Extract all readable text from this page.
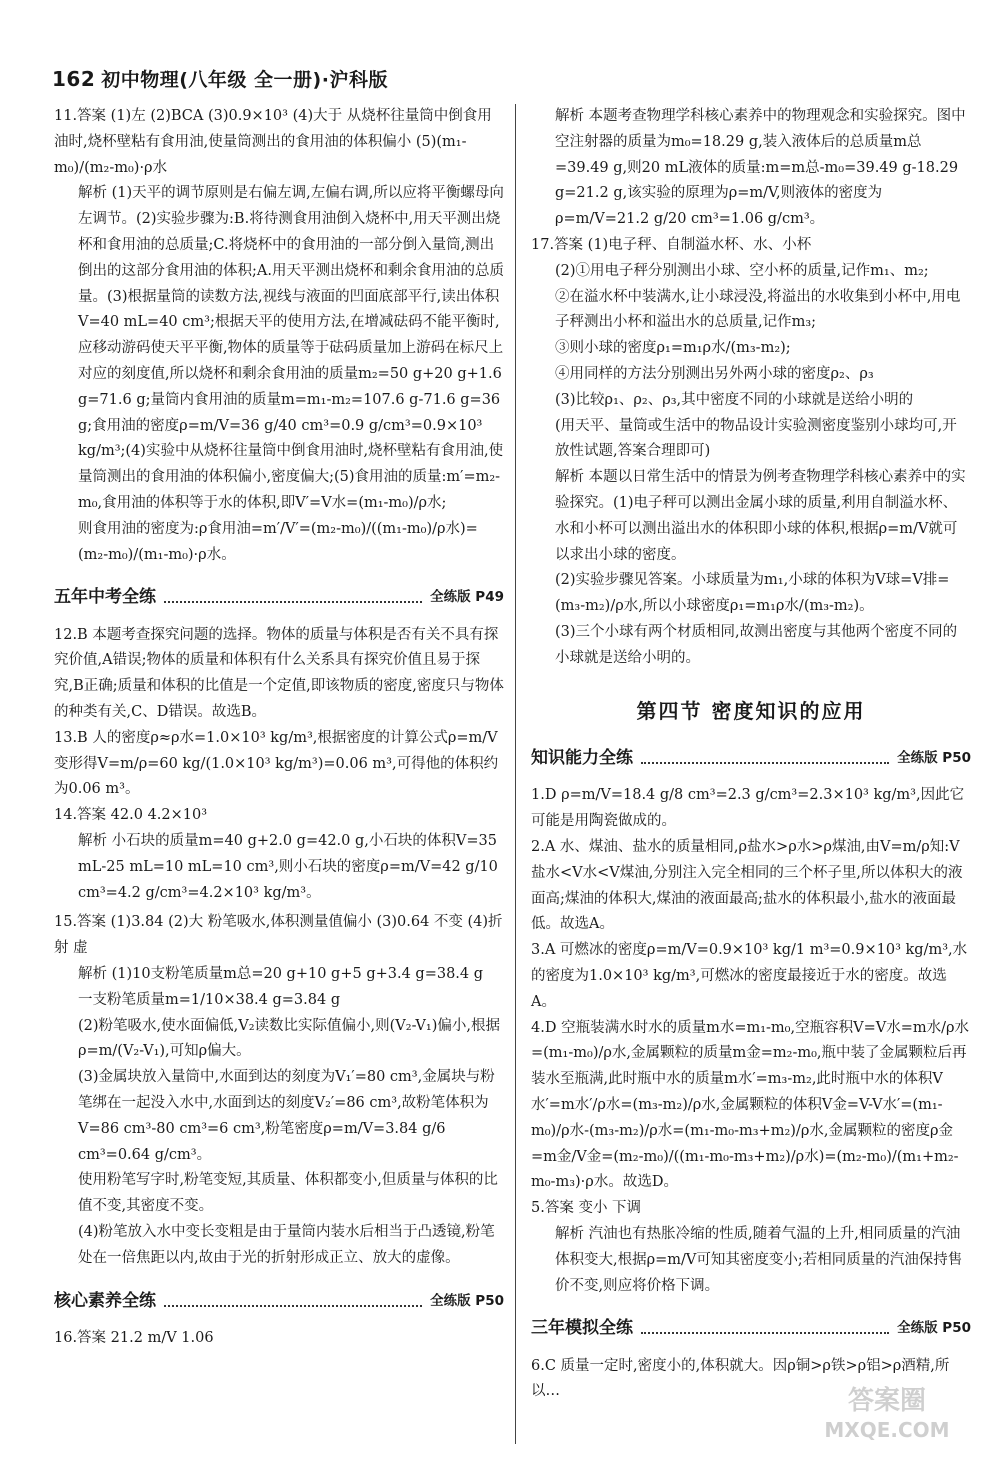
162 初中物理(八年级 全一册)·沪科版

11.答案 (1)左 (2)BCA (3)0.9×10³ (4)大于 从烧杯往量筒中倒食用油时,烧杯壁粘有食用油,使量筒测出的食用油的体积偏小 (5)(m₁-m₀)/(m₂-m₀)·ρ水

解析 (1)天平的调节原则是右偏左调,左偏右调,所以应将平衡螺母向左调节。(2)实验步骤为:B.将待测食用油倒入烧杯中,用天平测出烧杯和食用油的总质量;C.将烧杯中的食用油的一部分倒入量筒,测出倒出的这部分食用油的体积;A.用天平测出烧杯和剩余食用油的总质量。(3)根据量筒的读数方法,视线与液面的凹面底部平行,读出体积V=40 mL=40 cm³;根据天平的使用方法,在增减砝码不能平衡时,应移动游码使天平平衡,物体的质量等于砝码质量加上游码在标尺上对应的刻度值,所以烧杯和剩余食用油的质量m₂=50 g+20 g+1.6 g=71.6 g;量筒内食用油的质量m=m₁-m₂=107.6 g-71.6 g=36 g;食用油的密度ρ=m/V=36 g/40 cm³=0.9 g/cm³=0.9×10³ kg/m³;(4)实验中从烧杯往量筒中倒食用油时,烧杯壁粘有食用油,使量筒测出的食用油的体积偏小,密度偏大;(5)食用油的质量:m′=m₂-m₀,食用油的体积等于水的体积,即V′=V水=(m₁-m₀)/ρ水;

则食用油的密度为:ρ食用油=m′/V′=(m₂-m₀)/((m₁-m₀)/ρ水)=(m₂-m₀)/(m₁-m₀)·ρ水。

五年中考全练	全练版 P49

12.B 本题考查探究问题的选择。物体的质量与体积是否有关不具有探究价值,A错误;物体的质量和体积有什么关系具有探究价值且易于探究,B正确;质量和体积的比值是一个定值,即该物质的密度,密度只与物体的种类有关,C、D错误。故选B。

13.B 人的密度ρ≈ρ水=1.0×10³ kg/m³,根据密度的计算公式ρ=m/V变形得V=m/ρ=60 kg/(1.0×10³ kg/m³)=0.06 m³,可得他的体积约为0.06 m³。

14.答案 42.0 4.2×10³

解析 小石块的质量m=40 g+2.0 g=42.0 g,小石块的体积V=35 mL-25 mL=10 mL=10 cm³,则小石块的密度ρ=m/V=42 g/10 cm³=4.2 g/cm³=4.2×10³ kg/m³。

15.答案 (1)3.84 (2)大 粉笔吸水,体积测量值偏小 (3)0.64 不变 (4)折射 虚

解析 (1)10支粉笔质量m总=20 g+10 g+5 g+3.4 g=38.4 g

一支粉笔质量m=1/10×38.4 g=3.84 g

(2)粉笔吸水,使水面偏低,V₂读数比实际值偏小,则(V₂-V₁)偏小,根据ρ=m/(V₂-V₁),可知ρ偏大。

(3)金属块放入量筒中,水面到达的刻度为V₁′=80 cm³,金属块与粉笔绑在一起没入水中,水面到达的刻度V₂′=86 cm³,故粉笔体积为V=86 cm³-80 cm³=6 cm³,粉笔密度ρ=m/V=3.84 g/6 cm³=0.64 g/cm³。

使用粉笔写字时,粉笔变短,其质量、体积都变小,但质量与体积的比值不变,其密度不变。

(4)粉笔放入水中变长变粗是由于量筒内装水后相当于凸透镜,粉笔处在一倍焦距以内,故由于光的折射形成正立、放大的虚像。

核心素养全练	全练版 P50

16.答案 21.2 m/V 1.06

解析 本题考查物理学科核心素养中的物理观念和实验探究。图中空注射器的质量为m₀=18.29 g,装入液体后的总质量m总=39.49 g,则20 mL液体的质量:m=m总-m₀=39.49 g-18.29 g=21.2 g,该实验的原理为ρ=m/V,则液体的密度为ρ=m/V=21.2 g/20 cm³=1.06 g/cm³。

17.答案 (1)电子秤、自制溢水杯、水、小杯

(2)①用电子秤分别测出小球、空小杯的质量,记作m₁、m₂;

②在溢水杯中装满水,让小球浸没,将溢出的水收集到小杯中,用电子秤测出小杯和溢出水的总质量,记作m₃;

③则小球的密度ρ₁=m₁ρ水/(m₃-m₂);

④用同样的方法分别测出另外两小球的密度ρ₂、ρ₃

(3)比较ρ₁、ρ₂、ρ₃,其中密度不同的小球就是送给小明的

(用天平、量筒或生活中的物品设计实验测密度鉴别小球均可,开放性试题,答案合理即可)

解析 本题以日常生活中的情景为例考查物理学科核心素养中的实验探究。(1)电子秤可以测出金属小球的质量,利用自制溢水杯、水和小杯可以测出溢出水的体积即小球的体积,根据ρ=m/V就可以求出小球的密度。

(2)实验步骤见答案。小球质量为m₁,小球的体积为V球=V排=(m₃-m₂)/ρ水,所以小球密度ρ₁=m₁ρ水/(m₃-m₂)。

(3)三个小球有两个材质相同,故测出密度与其他两个密度不同的小球就是送给小明的。

第四节 密度知识的应用
知识能力全练	全练版 P50

1.D ρ=m/V=18.4 g/8 cm³=2.3 g/cm³=2.3×10³ kg/m³,因此它可能是用陶瓷做成的。

2.A 水、煤油、盐水的质量相同,ρ盐水>ρ水>ρ煤油,由V=m/ρ知:V盐水<V水<V煤油,分别注入完全相同的三个杯子里,所以体积大的液面高;煤油的体积大,煤油的液面最高;盐水的体积最小,盐水的液面最低。故选A。

3.A 可燃冰的密度ρ=m/V=0.9×10³ kg/1 m³=0.9×10³ kg/m³,水的密度为1.0×10³ kg/m³,可燃冰的密度最接近于水的密度。故选A。

4.D 空瓶装满水时水的质量m水=m₁-m₀,空瓶容积V=V水=m水/ρ水=(m₁-m₀)/ρ水,金属颗粒的质量m金=m₂-m₀,瓶中装了金属颗粒后再装水至瓶满,此时瓶中水的质量m水′=m₃-m₂,此时瓶中水的体积V水′=m水′/ρ水=(m₃-m₂)/ρ水,金属颗粒的体积V金=V-V水′=(m₁-m₀)/ρ水-(m₃-m₂)/ρ水=(m₁-m₀-m₃+m₂)/ρ水,金属颗粒的密度ρ金=m金/V金=(m₂-m₀)/((m₁-m₀-m₃+m₂)/ρ水)=(m₂-m₀)/(m₁+m₂-m₀-m₃)·ρ水。故选D。

5.答案 变小 下调

解析 汽油也有热胀冷缩的性质,随着气温的上升,相同质量的汽油体积变大,根据ρ=m/V可知其密度变小;若相同质量的汽油保持售价不变,则应将价格下调。

三年模拟全练	全练版 P50

6.C 质量一定时,密度小的,体积就大。因ρ铜>ρ铁>ρ铝>ρ酒精,所以…	答案圈
MXQE.COM
